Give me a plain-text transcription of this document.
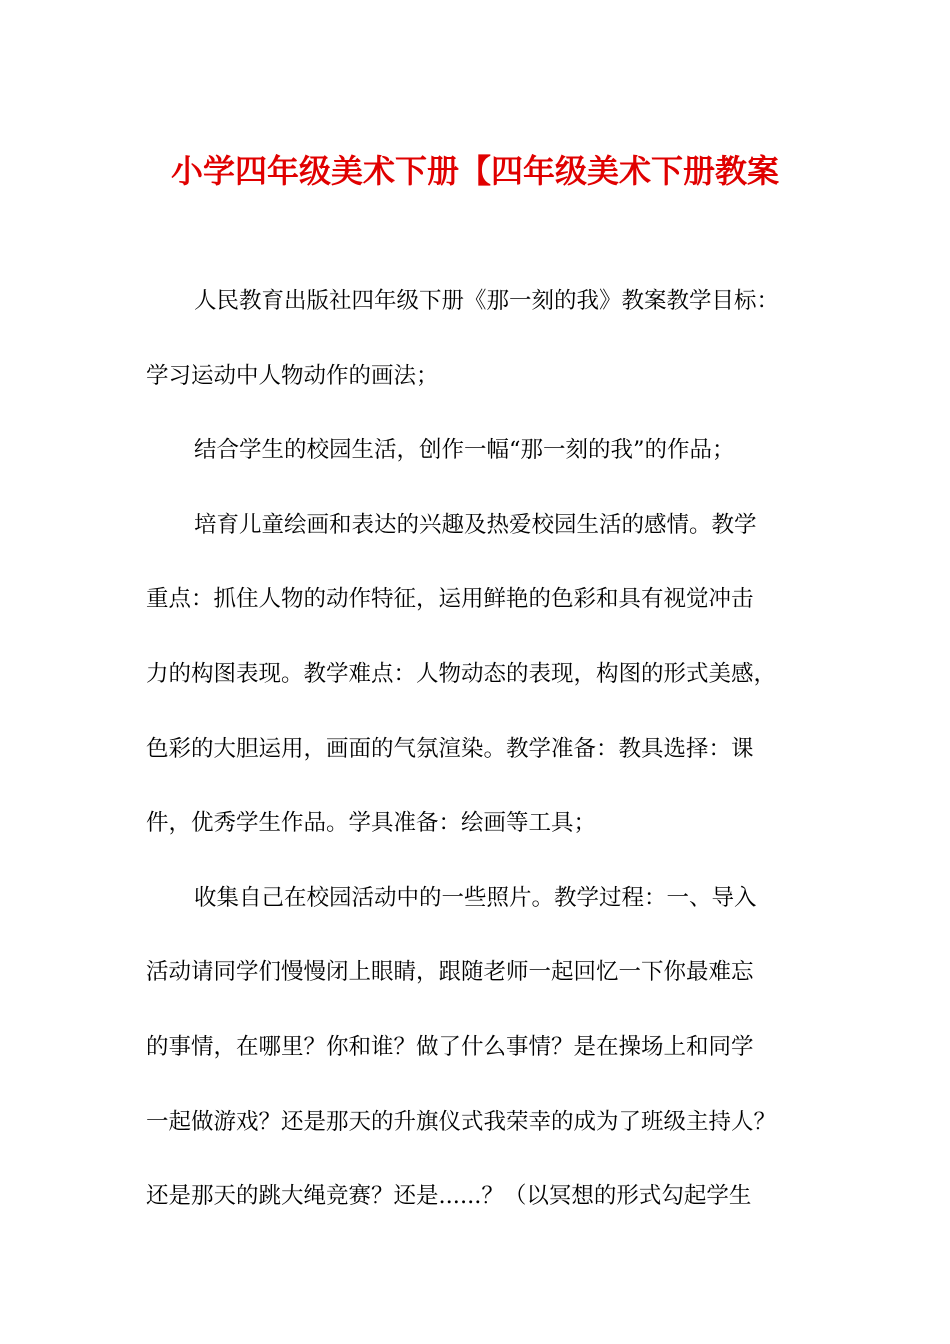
小学四年级美术下册【四年级美术下册教案
人民教育出版社四年级下册《那一刻的我》教案教学目标：
学习运动中人物动作的画法；
结合学生的校园生活，创作一幅“那一刻的我”的作品；
培育儿童绘画和表达的兴趣及热爱校园生活的感情。教学
重点：抓住人物的动作特征，运用鲜艳的色彩和具有视觉冲击
力的构图表现。教学难点：人物动态的表现，构图的形式美感，
色彩的大胆运用，画面的气氛渲染。教学准备：教具选择：课
件，优秀学生作品。学具准备：绘画等工具；
收集自己在校园活动中的一些照片。教学过程：一、导入
活动请同学们慢慢闭上眼睛，跟随老师一起回忆一下你最难忘
的事情，在哪里？你和谁？做了什么事情？是在操场上和同学
一起做游戏？还是那天的升旗仪式我荣幸的成为了班级主持人？
还是那天的跳大绳竞赛？还是......？（以冥想的形式勾起学生
